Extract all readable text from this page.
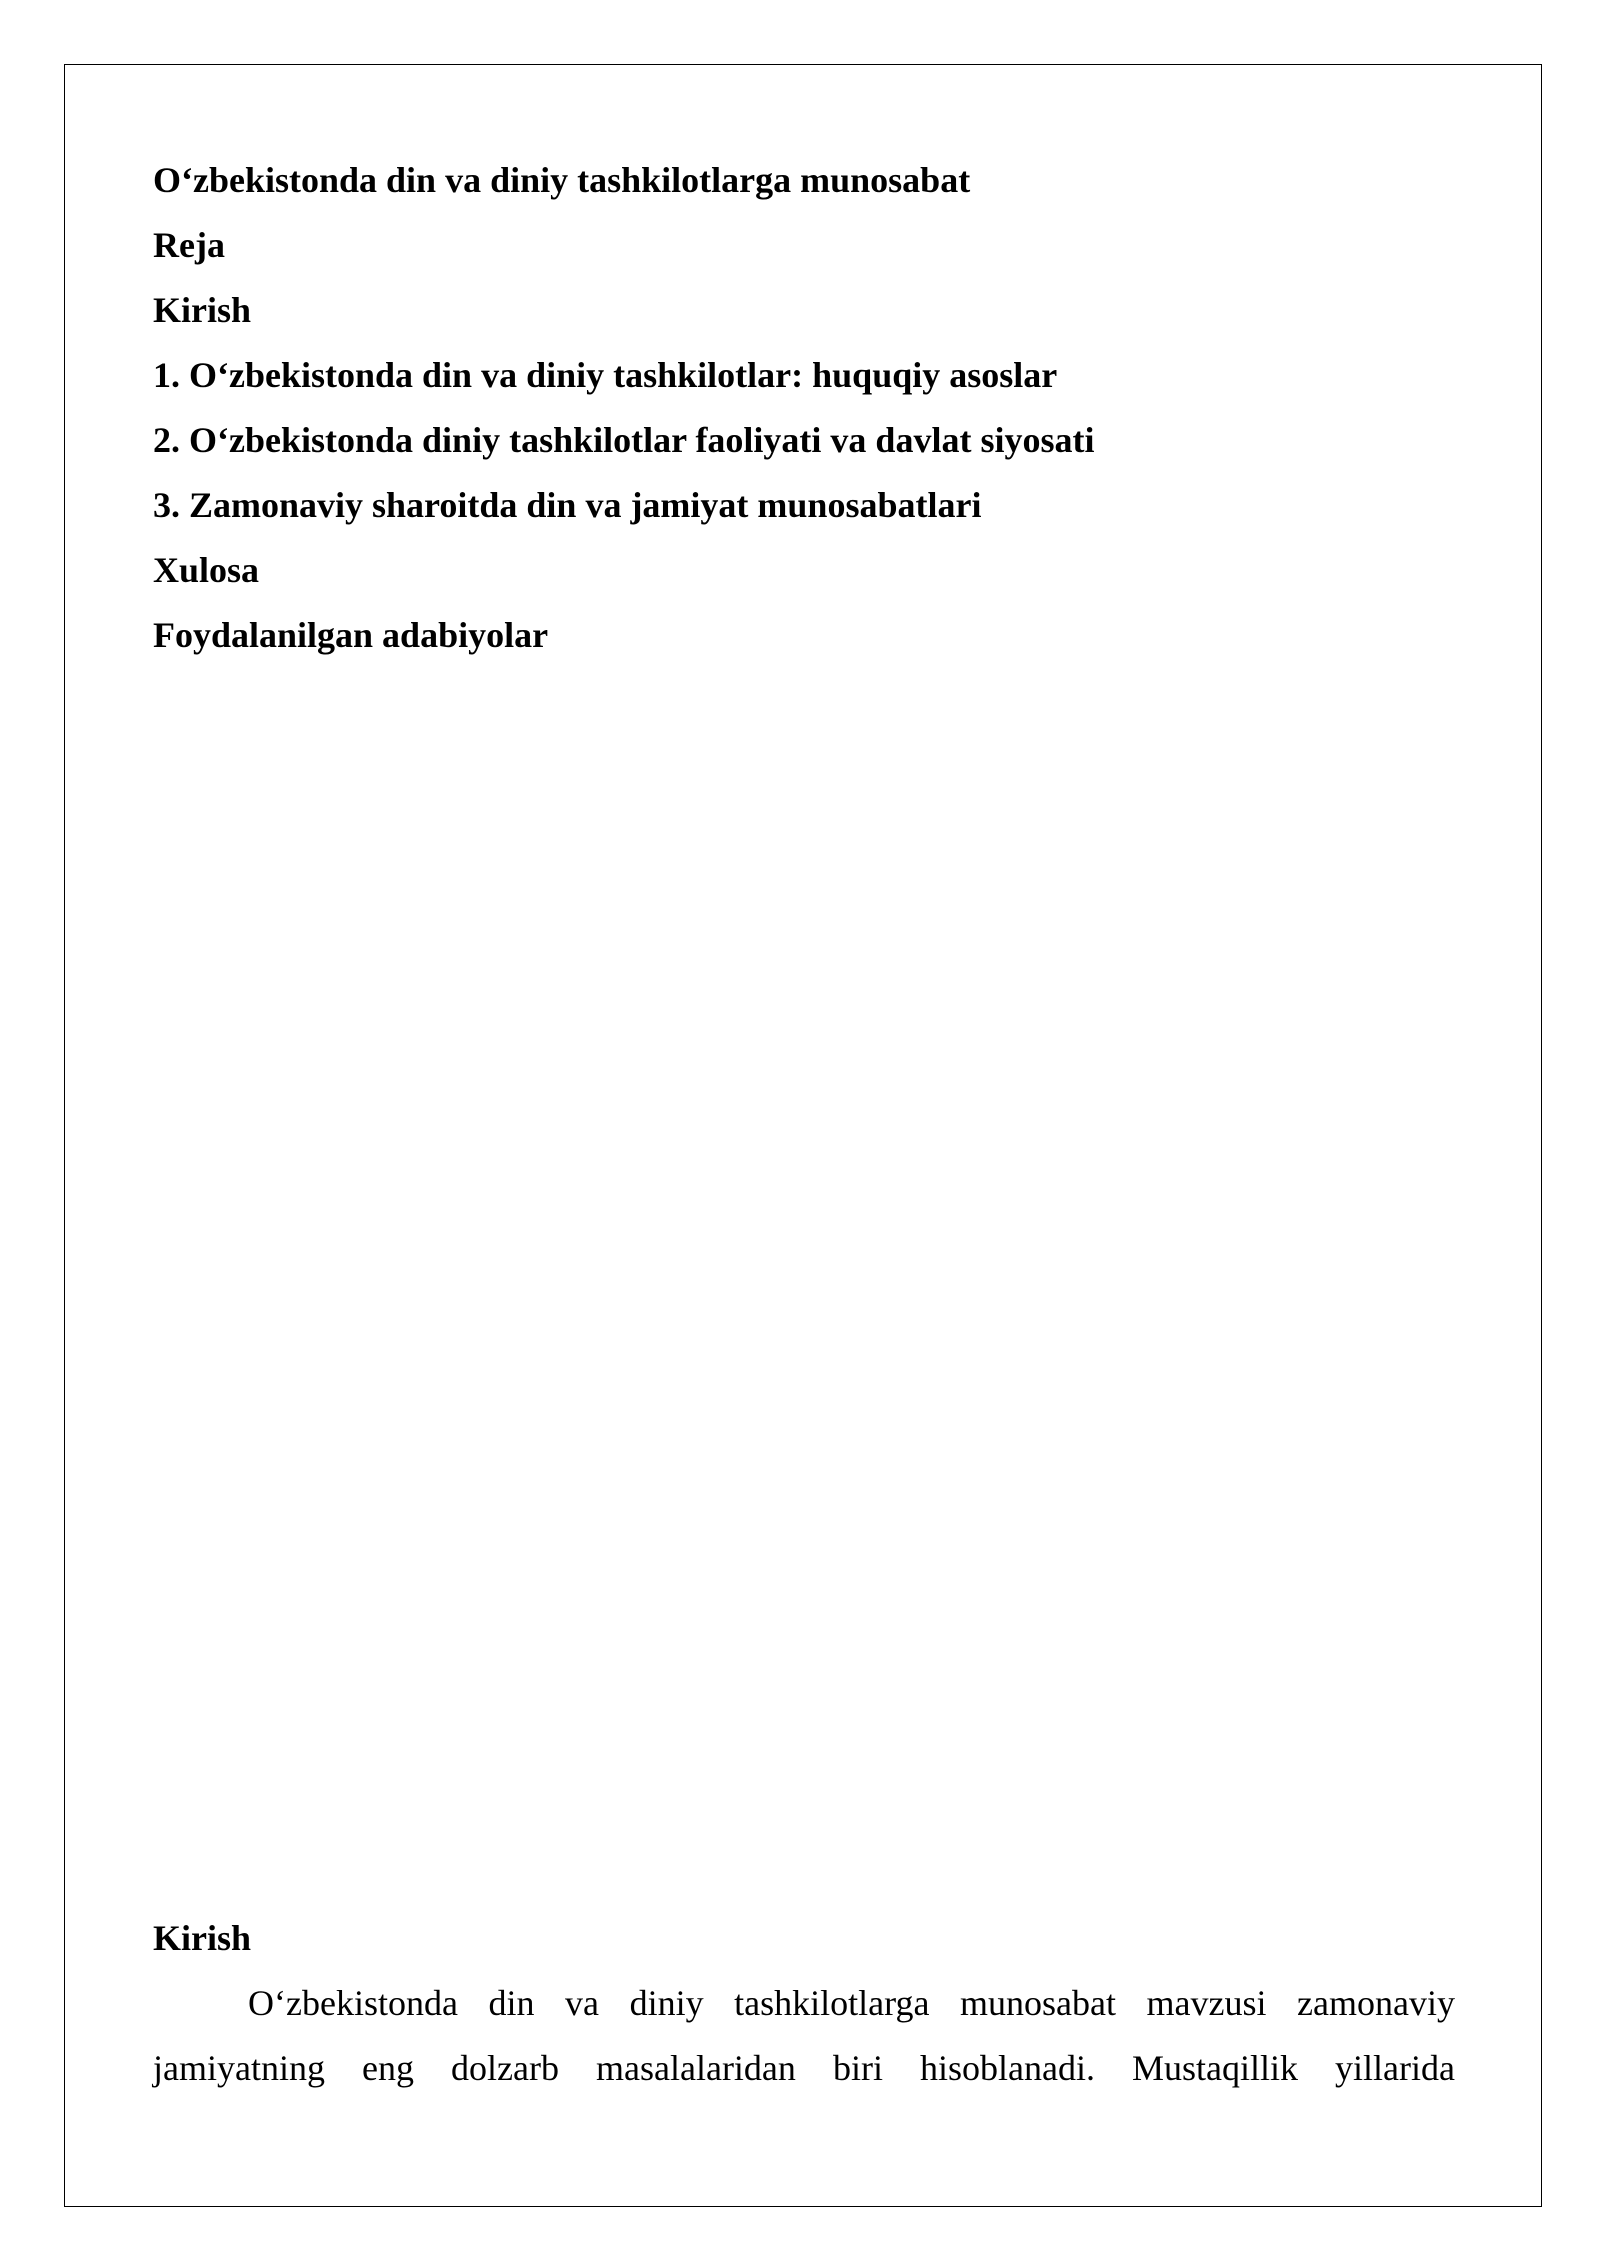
O‘zbekistonda din va diniy tashkilotlarga munosabat
Reja
Kirish
1. O‘zbekistonda din va diniy tashkilotlar: huquqiy asoslar
2. O‘zbekistonda diniy tashkilotlar faoliyati va davlat siyosati
3. Zamonaviy sharoitda din va jamiyat munosabatlari
Xulosa
Foydalanilgan adabiyolar
Kirish
O‘zbekistonda din va diniy tashkilotlarga munosabat mavzusi zamonaviy
jamiyatning eng dolzarb masalalaridan biri hisoblanadi. Mustaqillik yillarida
